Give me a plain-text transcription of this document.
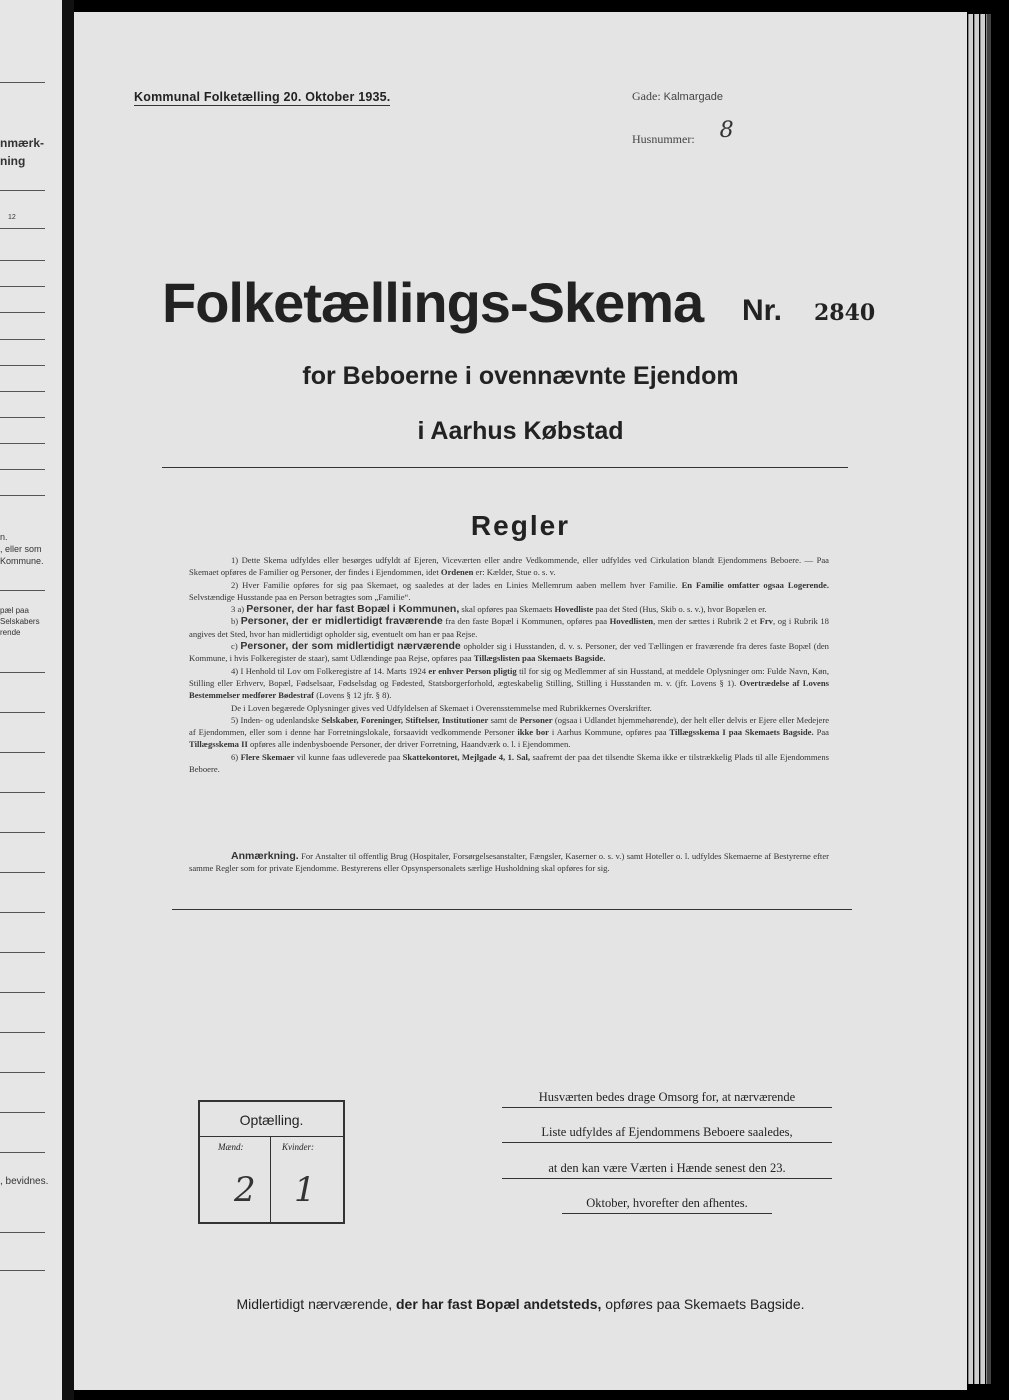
nmærk-
ning
12
n.
, eller som
Kommune.
pæl paa
Selskabers
rende
, bevidnes.
Kommunal Folketælling 20. Oktober 1935.	Gade: Kalmargade
Husnummer: 8
Folketællings-Skema Nr. 2840
for Beboerne i ovennævnte Ejendom
i Aarhus Købstad
Regler

1) Dette Skema udfyldes eller besørges udfyldt af Ejeren, Viceværten eller andre Vedkommende, eller udfyldes ved Cirkulation blandt Ejendommens Beboere. — Paa Skemaet opføres de Familier og Personer, der findes i Ejendommen, idet Ordenen er: Kælder, Stue o. s. v.

2) Hver Familie opføres for sig paa Skemaet, og saaledes at der lades en Linies Mellemrum aaben mellem hver Familie. En Familie omfatter ogsaa Logerende. Selvstændige Husstande paa en Person betragtes som „Familie“.

3 a) Personer, der har fast Bopæl i Kommunen, skal opføres paa Skemaets Hovedliste paa det Sted (Hus, Skib o. s. v.), hvor Bopælen er.

b) Personer, der er midlertidigt fraværende fra den faste Bopæl i Kommunen, opføres paa Hovedlisten, men der sættes i Rubrik 2 et Frv, og i Rubrik 18 angives det Sted, hvor han midlertidigt opholder sig, eventuelt om han er paa Rejse.

c) Personer, der som midlertidigt nærværende opholder sig i Husstanden, d. v. s. Personer, der ved Tællingen er fraværende fra deres faste Bopæl (den Kommune, i hvis Folkeregister de staar), samt Udlændinge paa Rejse, opføres paa Tillægslisten paa Skemaets Bagside.

4) I Henhold til Lov om Folkeregistre af 14. Marts 1924 er enhver Person pligtig til for sig og Medlemmer af sin Husstand, at meddele Oplysninger om: Fulde Navn, Køn, Stilling eller Erhverv, Bopæl, Fødselsaar, Fødselsdag og Fødested, Statsborgerforhold, ægteskabelig Stilling, Stilling i Husstanden m. v. (jfr. Lovens § 1). Overtrædelse af Lovens Bestemmelser medfører Bødestraf (Lovens § 12 jfr. § 8).

De i Loven begærede Oplysninger gives ved Udfyldelsen af Skemaet i Overensstemmelse med Rubrikkernes Overskrifter.

5) Inden- og udenlandske Selskaber, Foreninger, Stiftelser, Institutioner samt de Personer (ogsaa i Udlandet hjemmehørende), der helt eller delvis er Ejere eller Medejere af Ejendommen, eller som i denne har Forretningslokale, forsaavidt vedkommende Personer ikke bor i Aarhus Kommune, opføres paa Tillægsskema I paa Skemaets Bagside. Paa Tillægsskema II opføres alle indenbysboende Personer, der driver Forretning, Haandværk o. l. i Ejendommen.

6) Flere Skemaer vil kunne faas udleverede paa Skattekontoret, Mejlgade 4, 1. Sal, saafremt der paa det tilsendte Skema ikke er tilstrækkelig Plads til alle Ejendommens Beboere.

Anmærkning. For Anstalter til offentlig Brug (Hospitaler, Forsørgelsesanstalter, Fængsler, Kaserner o. s. v.) samt Hoteller o. l. udfyldes Skemaerne af Bestyrerne efter samme Regler som for private Ejendomme. Bestyrerens eller Opsynspersonalets særlige Husholdning skal opføres for sig.

Optælling.
Mænd:	Kvinder:
2 1
Husværten bedes drage Omsorg for, at nærværende
Liste udfyldes af Ejendommens Beboere saaledes,
at den kan være Værten i Hænde senest den 23.
Oktober, hvorefter den afhentes.
Midlertidigt nærværende, der har fast Bopæl andetsteds, opføres paa Skemaets Bagside.
